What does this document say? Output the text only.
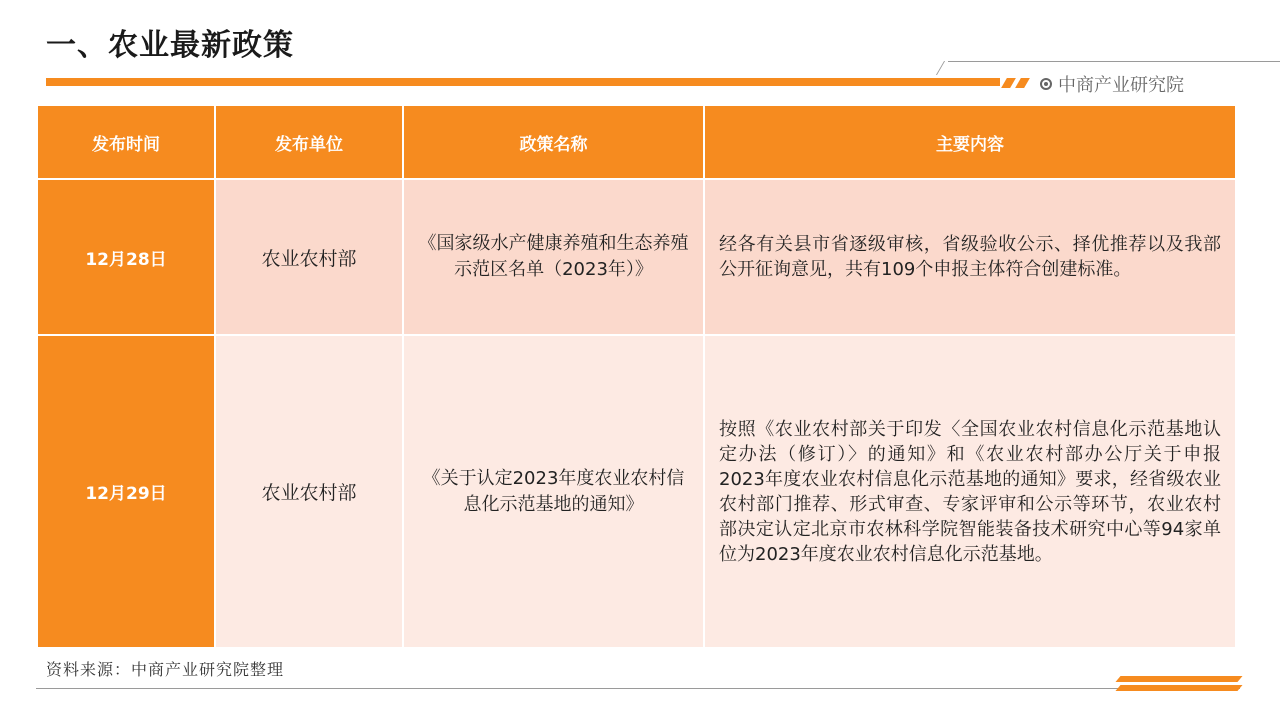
一、农业最新政策
中商产业研究院
发布时间	发布单位	政策名称	主要内容
12月28日	农业农村部	《国家级水产健康养殖和生态养殖示范区名单（2023年）》	经各有关县市省逐级审核，省级验收公示、择优推荐以及我部公开征询意见，共有109个申报主体符合创建标准。
12月29日	农业农村部	《关于认定2023年度农业农村信息化示范基地的通知》	按照《农业农村部关于印发〈全国农业农村信息化示范基地认定办法（修订）〉的通知》和《农业农村部办公厅关于申报2023年度农业农村信息化示范基地的通知》要求，经省级农业农村部门推荐、形式审查、专家评审和公示等环节，农业农村部决定认定北京市农林科学院智能装备技术研究中心等94家单位为2023年度农业农村信息化示范基地。
资料来源：中商产业研究院整理
